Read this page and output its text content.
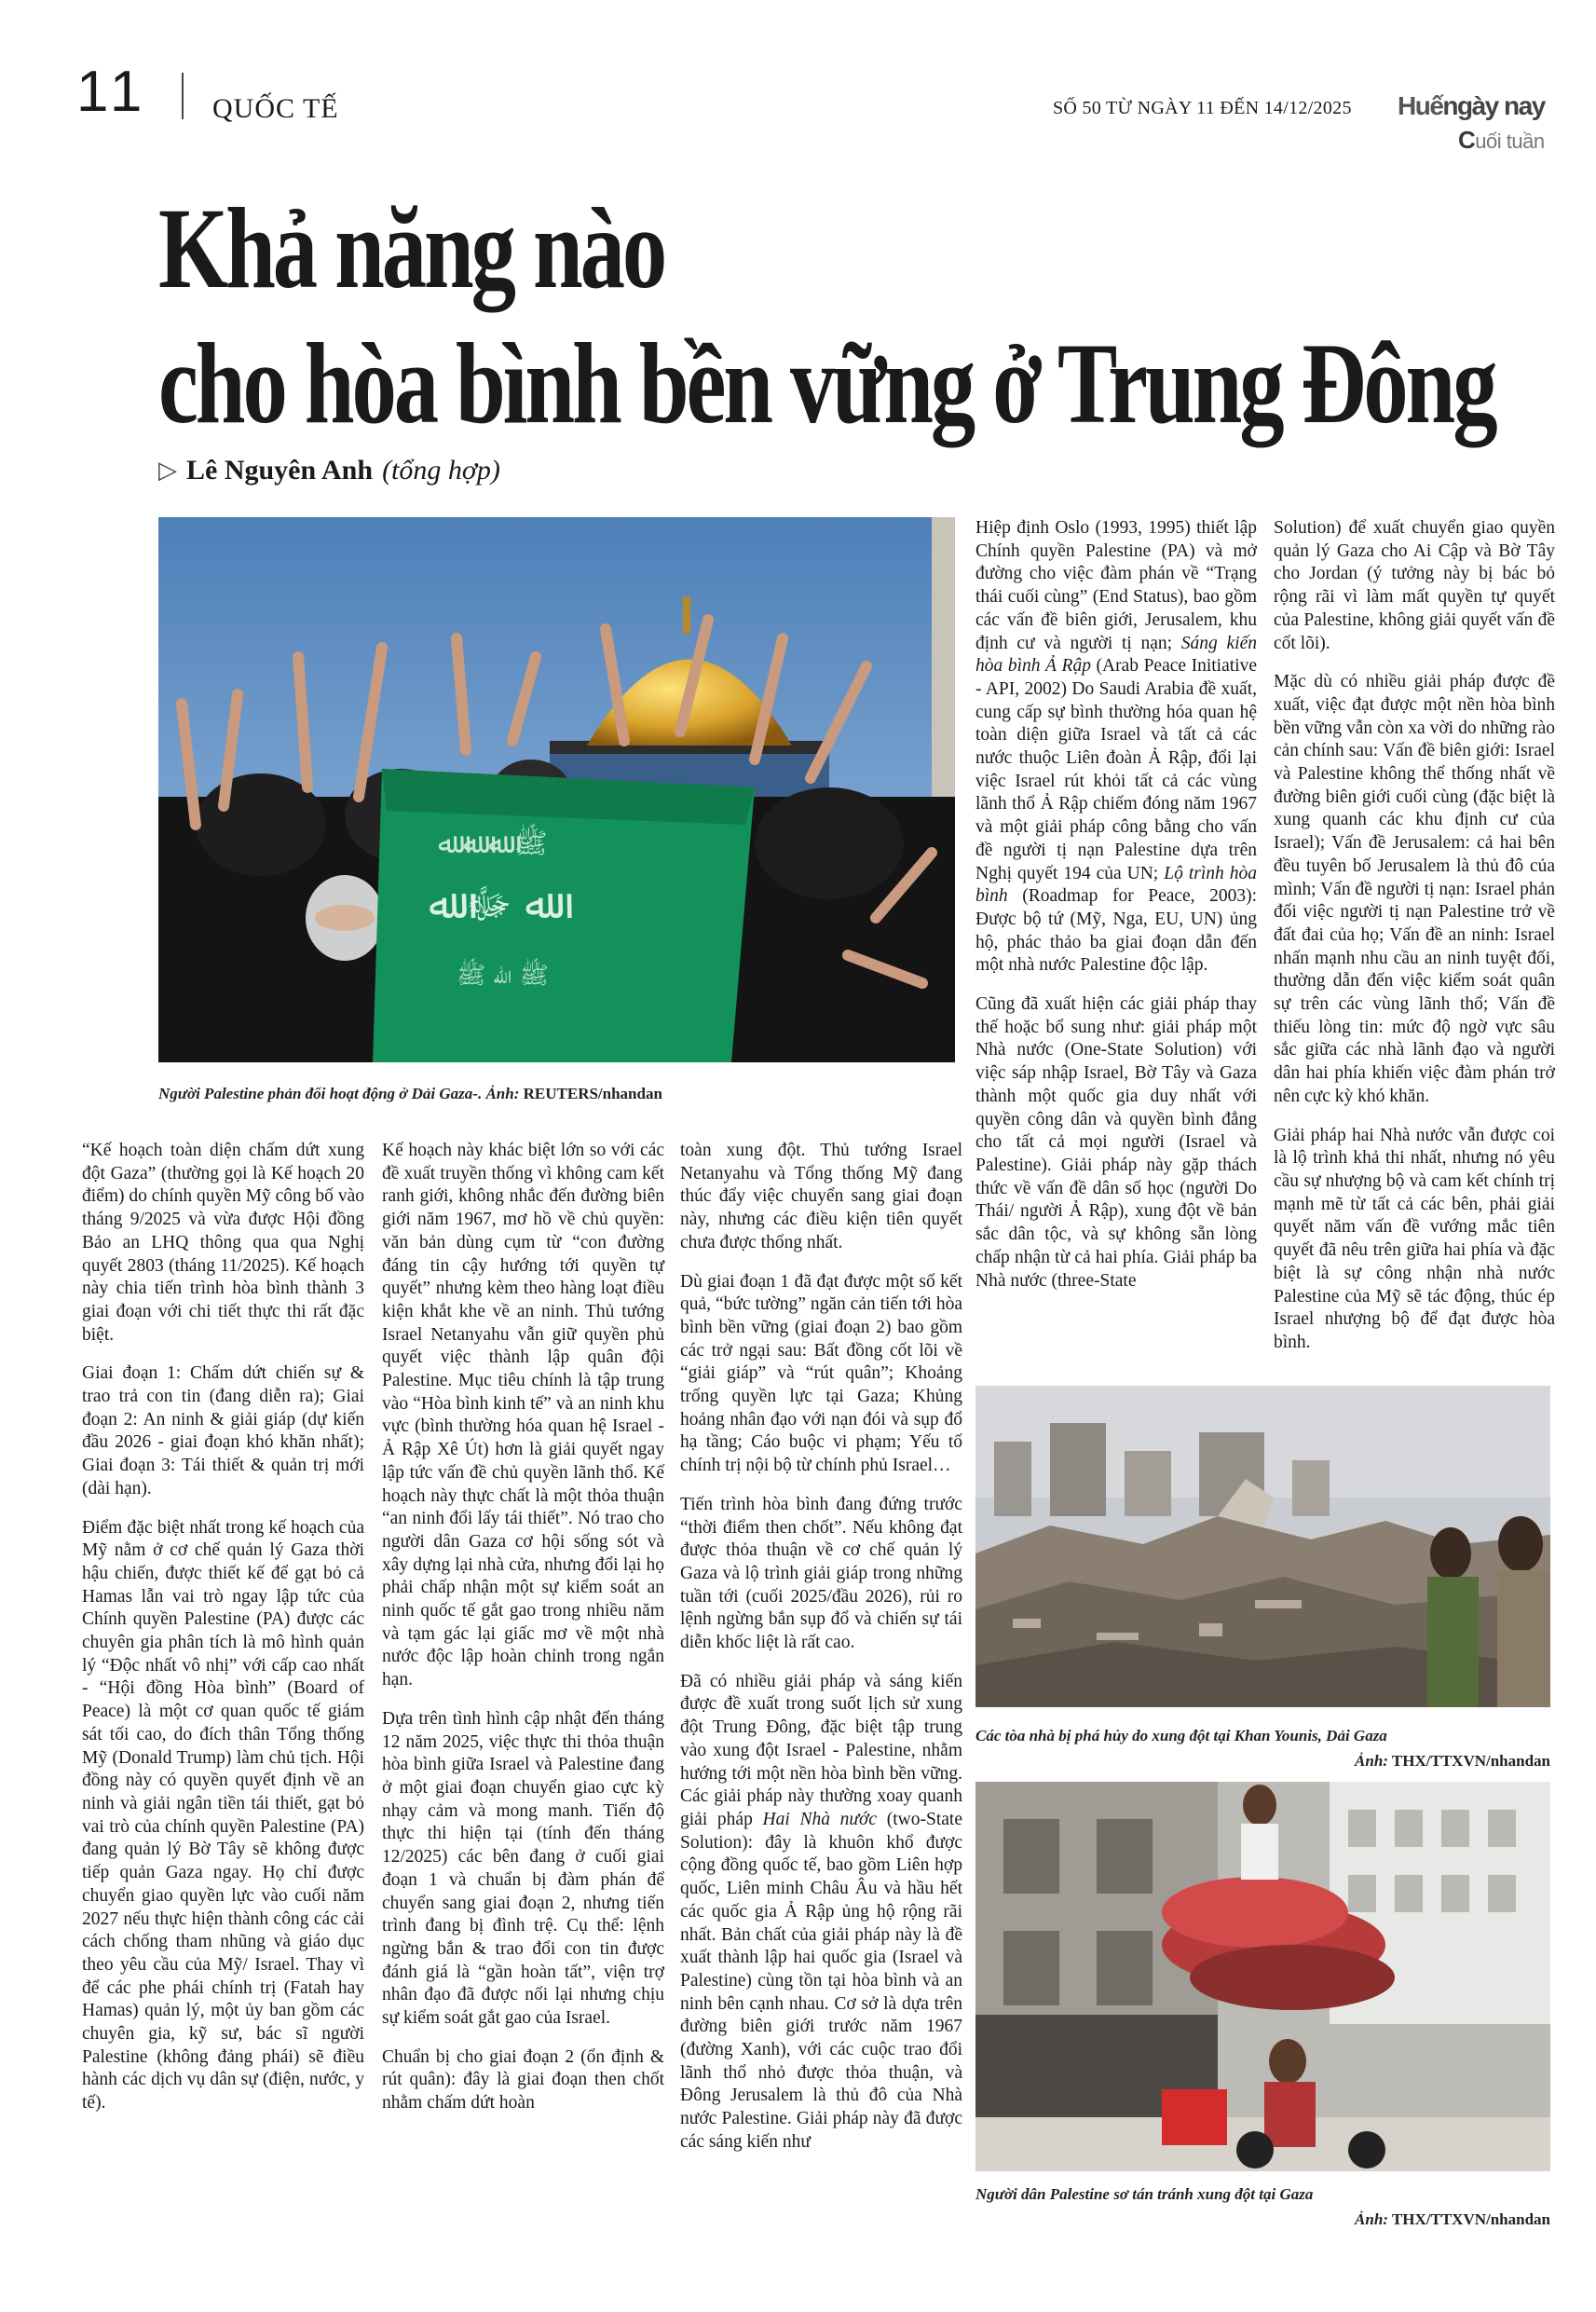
11 QUỐC TẾ	SỐ 50 TỪ NGÀY 11 ĐẾN 14/12/2025 Huếngày nay
Cuối tuần
Khả năng nào
cho hòa bình bền vững ở Trung Đông
▷ Lê Nguyên Anh (tổng hợp)
ﷺ ﷲ ﷲ ﷲ
ﷲ ﷻ ﷲ
ﷺ ﷲ ﷺ
Người Palestine phản đối hoạt động ở Dải Gaza-. Ảnh: REUTERS/nhandan

“Kế hoạch toàn diện chấm dứt xung đột Gaza” (thường gọi là Kế hoạch 20 điểm) do chính quyền Mỹ công bố vào tháng 9/2025 và vừa được Hội đồng Bảo an LHQ thông qua qua Nghị quyết 2803 (tháng 11/2025). Kế hoạch này chia tiến trình hòa bình thành 3 giai đoạn với chi tiết thực thi rất đặc biệt.

Giai đoạn 1: Chấm dứt chiến sự & trao trả con tin (đang diễn ra); Giai đoạn 2: An ninh & giải giáp (dự kiến đầu 2026 - giai đoạn khó khăn nhất); Giai đoạn 3: Tái thiết & quản trị mới (dài hạn).

Điểm đặc biệt nhất trong kế hoạch của Mỹ nằm ở cơ chế quản lý Gaza thời hậu chiến, được thiết kế để gạt bỏ cả Hamas lẫn vai trò ngay lập tức của Chính quyền Palestine (PA) được các chuyên gia phân tích là mô hình quản lý “Độc nhất vô nhị” với cấp cao nhất - “Hội đồng Hòa bình” (Board of Peace) là một cơ quan quốc tế giám sát tối cao, do đích thân Tổng thống Mỹ (Donald Trump) làm chủ tịch. Hội đồng này có quyền quyết định về an ninh và giải ngân tiền tái thiết, gạt bỏ vai trò của chính quyền Palestine (PA) đang quản lý Bờ Tây sẽ không được tiếp quản Gaza ngay. Họ chỉ được chuyển giao quyền lực vào cuối năm 2027 nếu thực hiện thành công các cải cách chống tham nhũng và giáo dục theo yêu cầu của Mỹ/ Israel. Thay vì để các phe phái chính trị (Fatah hay Hamas) quản lý, một ủy ban gồm các chuyên gia, kỹ sư, bác sĩ người Palestine (không đảng phái) sẽ điều hành các dịch vụ dân sự (điện, nước, y tế).

Kế hoạch này khác biệt lớn so với các đề xuất truyền thống vì không cam kết ranh giới, không nhắc đến đường biên giới năm 1967, mơ hồ về chủ quyền: văn bản dùng cụm từ “con đường đáng tin cậy hướng tới quyền tự quyết” nhưng kèm theo hàng loạt điều kiện khắt khe về an ninh. Thủ tướng Israel Netanyahu vẫn giữ quyền phủ quyết việc thành lập quân đội Palestine. Mục tiêu chính là tập trung vào “Hòa bình kinh tế” và an ninh khu vực (bình thường hóa quan hệ Israel - Ả Rập Xê Út) hơn là giải quyết ngay lập tức vấn đề chủ quyền lãnh thổ. Kế hoạch này thực chất là một thỏa thuận “an ninh đổi lấy tái thiết”. Nó trao cho người dân Gaza cơ hội sống sót và xây dựng lại nhà cửa, nhưng đổi lại họ phải chấp nhận một sự kiểm soát an ninh quốc tế gắt gao trong nhiều năm và tạm gác lại giấc mơ về một nhà nước độc lập hoàn chỉnh trong ngắn hạn.

Dựa trên tình hình cập nhật đến tháng 12 năm 2025, việc thực thi thỏa thuận hòa bình giữa Israel và Palestine đang ở một giai đoạn chuyển giao cực kỳ nhạy cảm và mong manh. Tiến độ thực thi hiện tại (tính đến tháng 12/2025) các bên đang ở cuối giai đoạn 1 và chuẩn bị đàm phán để chuyển sang giai đoạn 2, nhưng tiến trình đang bị đình trệ. Cụ thể: lệnh ngừng bắn & trao đổi con tin được đánh giá là “gần hoàn tất”, viện trợ nhân đạo đã được nối lại nhưng chịu sự kiểm soát gắt gao của Israel.

Chuẩn bị cho giai đoạn 2 (ổn định & rút quân): đây là giai đoạn then chốt nhằm chấm dứt hoàn

toàn xung đột. Thủ tướng Israel Netanyahu và Tổng thống Mỹ đang thúc đẩy việc chuyển sang giai đoạn này, nhưng các điều kiện tiên quyết chưa được thống nhất.

Dù giai đoạn 1 đã đạt được một số kết quả, “bức tường” ngăn cản tiến tới hòa bình bền vững (giai đoạn 2) bao gồm các trở ngại sau: Bất đồng cốt lõi về “giải giáp” và “rút quân”; Khoảng trống quyền lực tại Gaza; Khủng hoảng nhân đạo với nạn đói và sụp đổ hạ tầng; Cáo buộc vi phạm; Yếu tố chính trị nội bộ từ chính phủ Israel…

Tiến trình hòa bình đang đứng trước “thời điểm then chốt”. Nếu không đạt được thỏa thuận về cơ chế quản lý Gaza và lộ trình giải giáp trong những tuần tới (cuối 2025/đầu 2026), rủi ro lệnh ngừng bắn sụp đổ và chiến sự tái diễn khốc liệt là rất cao.

Đã có nhiều giải pháp và sáng kiến được đề xuất trong suốt lịch sử xung đột Trung Đông, đặc biệt tập trung vào xung đột Israel - Palestine, nhằm hướng tới một nền hòa bình bền vững. Các giải pháp này thường xoay quanh giải pháp Hai Nhà nước (two-State Solution): đây là khuôn khổ được cộng đồng quốc tế, bao gồm Liên hợp quốc, Liên minh Châu Âu và hầu hết các quốc gia Ả Rập ủng hộ rộng rãi nhất. Bản chất của giải pháp này là đề xuất thành lập hai quốc gia (Israel và Palestine) cùng tồn tại hòa bình và an ninh bên cạnh nhau. Cơ sở là dựa trên đường biên giới trước năm 1967 (đường Xanh), với các cuộc trao đổi lãnh thổ nhỏ được thỏa thuận, và Đông Jerusalem là thủ đô của Nhà nước Palestine. Giải pháp này đã được các sáng kiến như

Hiệp định Oslo (1993, 1995) thiết lập Chính quyền Palestine (PA) và mở đường cho việc đàm phán về “Trạng thái cuối cùng” (End Status), bao gồm các vấn đề biên giới, Jerusalem, khu định cư và người tị nạn; Sáng kiến hòa bình Ả Rập (Arab Peace Initiative - API, 2002) Do Saudi Arabia đề xuất, cung cấp sự bình thường hóa quan hệ toàn diện giữa Israel và tất cả các nước thuộc Liên đoàn Ả Rập, đổi lại việc Israel rút khỏi tất cả các vùng lãnh thổ Ả Rập chiếm đóng năm 1967 và một giải pháp công bằng cho vấn đề người tị nạn Palestine dựa trên Nghị quyết 194 của UN; Lộ trình hòa bình (Roadmap for Peace, 2003): Được bộ tứ (Mỹ, Nga, EU, UN) ủng hộ, phác thảo ba giai đoạn dẫn đến một nhà nước Palestine độc lập.

Cũng đã xuất hiện các giải pháp thay thế hoặc bổ sung như: giải pháp một Nhà nước (One-State Solution) với việc sáp nhập Israel, Bờ Tây và Gaza thành một quốc gia duy nhất với quyền công dân và quyền bình đẳng cho tất cả mọi người (Israel và Palestine). Giải pháp này gặp thách thức về vấn đề dân số học (người Do Thái/ người Ả Rập), xung đột về bản sắc dân tộc, và sự không sẵn lòng chấp nhận từ cả hai phía. Giải pháp ba Nhà nước (three-State

Solution) để xuất chuyển giao quyền quản lý Gaza cho Ai Cập và Bờ Tây cho Jordan (ý tưởng này bị bác bỏ rộng rãi vì làm mất quyền tự quyết của Palestine, không giải quyết vấn đề cốt lõi).

Mặc dù có nhiều giải pháp được đề xuất, việc đạt được một nền hòa bình bền vững vẫn còn xa vời do những rào cản chính sau: Vấn đề biên giới: Israel và Palestine không thể thống nhất về đường biên giới cuối cùng (đặc biệt là xung quanh các khu định cư của Israel); Vấn đề Jerusalem: cả hai bên đều tuyên bố Jerusalem là thủ đô của mình; Vấn đề người tị nạn: Israel phản đối việc người tị nạn Palestine trở về đất đai của họ; Vấn đề an ninh: Israel nhấn mạnh nhu cầu an ninh tuyệt đối, thường dẫn đến việc kiểm soát quân sự trên các vùng lãnh thổ; Vấn đề thiếu lòng tin: mức độ ngờ vực sâu sắc giữa các nhà lãnh đạo và người dân hai phía khiến việc đàm phán trở nên cực kỳ khó khăn.

Giải pháp hai Nhà nước vẫn được coi là lộ trình khả thi nhất, nhưng nó yêu cầu sự nhượng bộ và cam kết chính trị mạnh mẽ từ tất cả các bên, phải giải quyết năm vấn đề vướng mắc tiên quyết đã nêu trên giữa hai phía và đặc biệt là sự công nhận nhà nước Palestine của Mỹ sẽ tác động, thúc ép Israel nhượng bộ để đạt được hòa bình.

Các tòa nhà bị phá hủy do xung đột tại Khan Younis, Dải Gaza
Ảnh: THX/TTXVN/nhandan
Người dân Palestine sơ tán tránh xung đột tại Gaza
Ảnh: THX/TTXVN/nhandan
